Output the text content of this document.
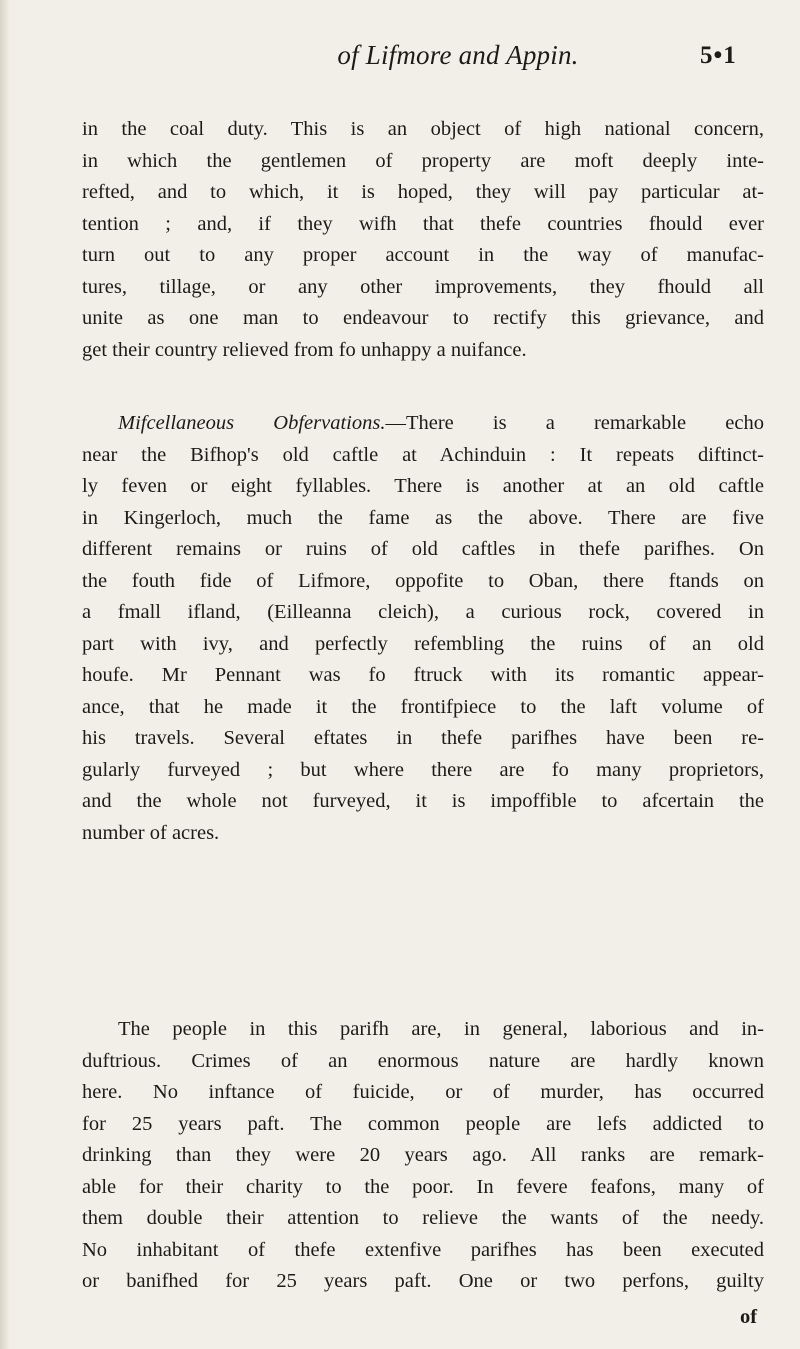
of Lifmore and Appin.	5•1
in the coal duty. This is an object of high national concern,
in which the gentlemen of property are moft deeply inte-
refted, and to which, it is hoped, they will pay particular at-
tention ; and, if they wifh that thefe countries fhould ever
turn out to any proper account in the way of manufac-
tures, tillage, or any other improvements, they fhould all
unite as one man to endeavour to rectify this grievance, and
get their country relieved from fo unhappy a nuifance.
Mifcellaneous Obfervations.—There is a remarkable echo
near the Bifhop's old caftle at Achinduin : It repeats diftinct-
ly feven or eight fyllables. There is another at an old caftle
in Kingerloch, much the fame as the above. There are five
different remains or ruins of old caftles in thefe parifhes. On
the fouth fide of Lifmore, oppofite to Oban, there ftands on
a fmall ifland, (Eilleanna cleich), a curious rock, covered in
part with ivy, and perfectly refembling the ruins of an old
houfe. Mr Pennant was fo ftruck with its romantic appear-
ance, that he made it the frontifpiece to the laft volume of
his travels. Several eftates in thefe parifhes have been re-
gularly furveyed ; but where there are fo many proprietors,
and the whole not furveyed, it is impoffible to afcertain the
number of acres.
The people in this parifh are, in general, laborious and in-
duftrious. Crimes of an enormous nature are hardly known
here. No inftance of fuicide, or of murder, has occurred
for 25 years paft. The common people are lefs addicted to
drinking than they were 20 years ago. All ranks are remark-
able for their charity to the poor. In fevere feafons, many of
them double their attention to relieve the wants of the needy.
No inhabitant of thefe extenfive parifhes has been executed
or banifhed for 25 years paft. One or two perfons, guilty
of
